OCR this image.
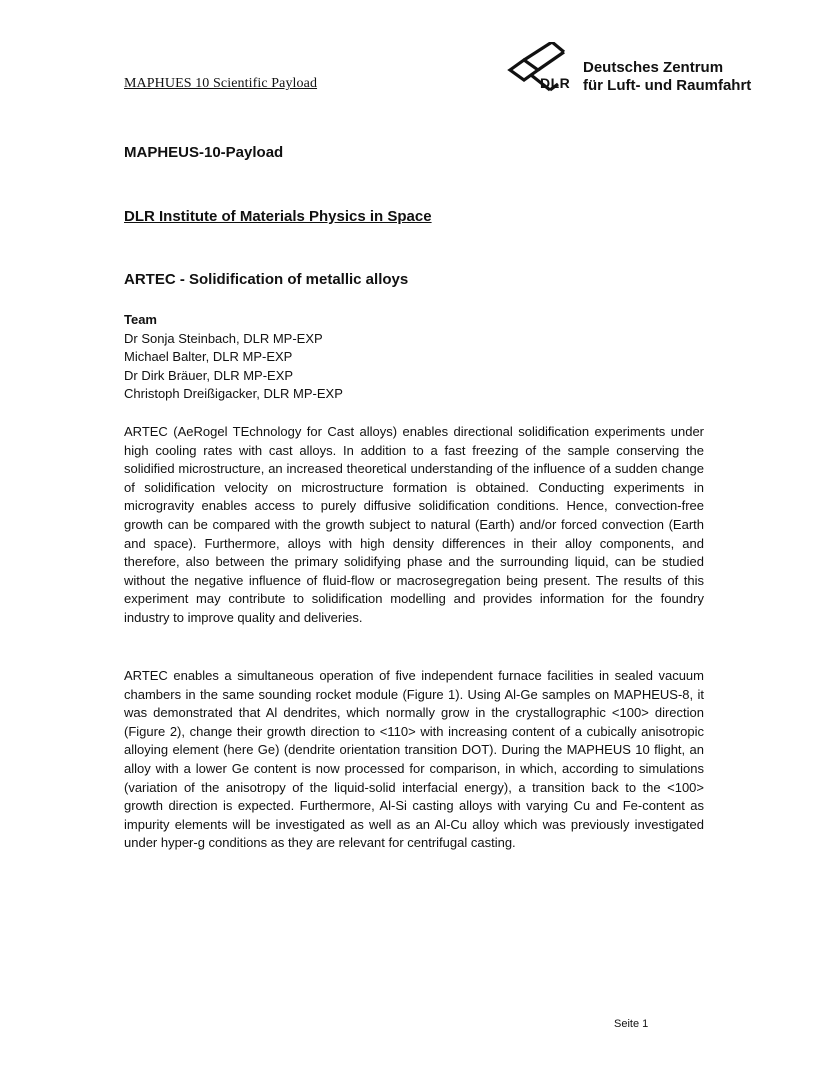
MAPHUES 10 Scientific Payload	DLR
Deutsches Zentrum
für Luft- und Raumfahrt
MAPHEUS-10-Payload
DLR Institute of Materials Physics in Space
ARTEC - Solidification of metallic alloys
Team
Dr Sonja Steinbach, DLR MP-EXP
Michael Balter, DLR MP-EXP
Dr Dirk Bräuer, DLR MP-EXP
Christoph Dreißigacker, DLR MP-EXP

ARTEC (AeRogel TEchnology for Cast alloys) enables directional solidification experiments under high cooling rates with cast alloys. In addition to a fast freezing of the sample conserving the solidified microstructure, an increased theoretical understanding of the influence of a sudden change of solidification velocity on microstructure formation is obtained. Conducting experiments in microgravity enables access to purely diffusive solidification conditions. Hence, convection-free growth can be compared with the growth subject to natural (Earth) and/or forced convection (Earth and space). Furthermore, alloys with high density differences in their alloy components, and therefore, also between the primary solidifying phase and the surrounding liquid, can be studied without the negative influence of fluid-flow or macrosegregation being present. The results of this experiment may contribute to solidification modelling and provides information for the foundry industry to improve quality and deliveries.

ARTEC enables a simultaneous operation of five independent furnace facilities in sealed vacuum chambers in the same sounding rocket module (Figure 1). Using Al-Ge samples on MAPHEUS-8, it was demonstrated that Al dendrites, which normally grow in the crystallographic <100> direction (Figure 2), change their growth direction to <110> with increasing content of a cubically anisotropic alloying element (here Ge) (dendrite orientation transition DOT). During the MAPHEUS 10 flight, an alloy with a lower Ge content is now processed for comparison, in which, according to simulations (variation of the anisotropy of the liquid-solid interfacial energy), a transition back to the <100> growth direction is expected. Furthermore, Al-Si casting alloys with varying Cu and Fe-content as impurity elements will be investigated as well as an Al-Cu alloy which was previously investigated under hyper-g conditions as they are relevant for centrifugal casting.

Seite 1
